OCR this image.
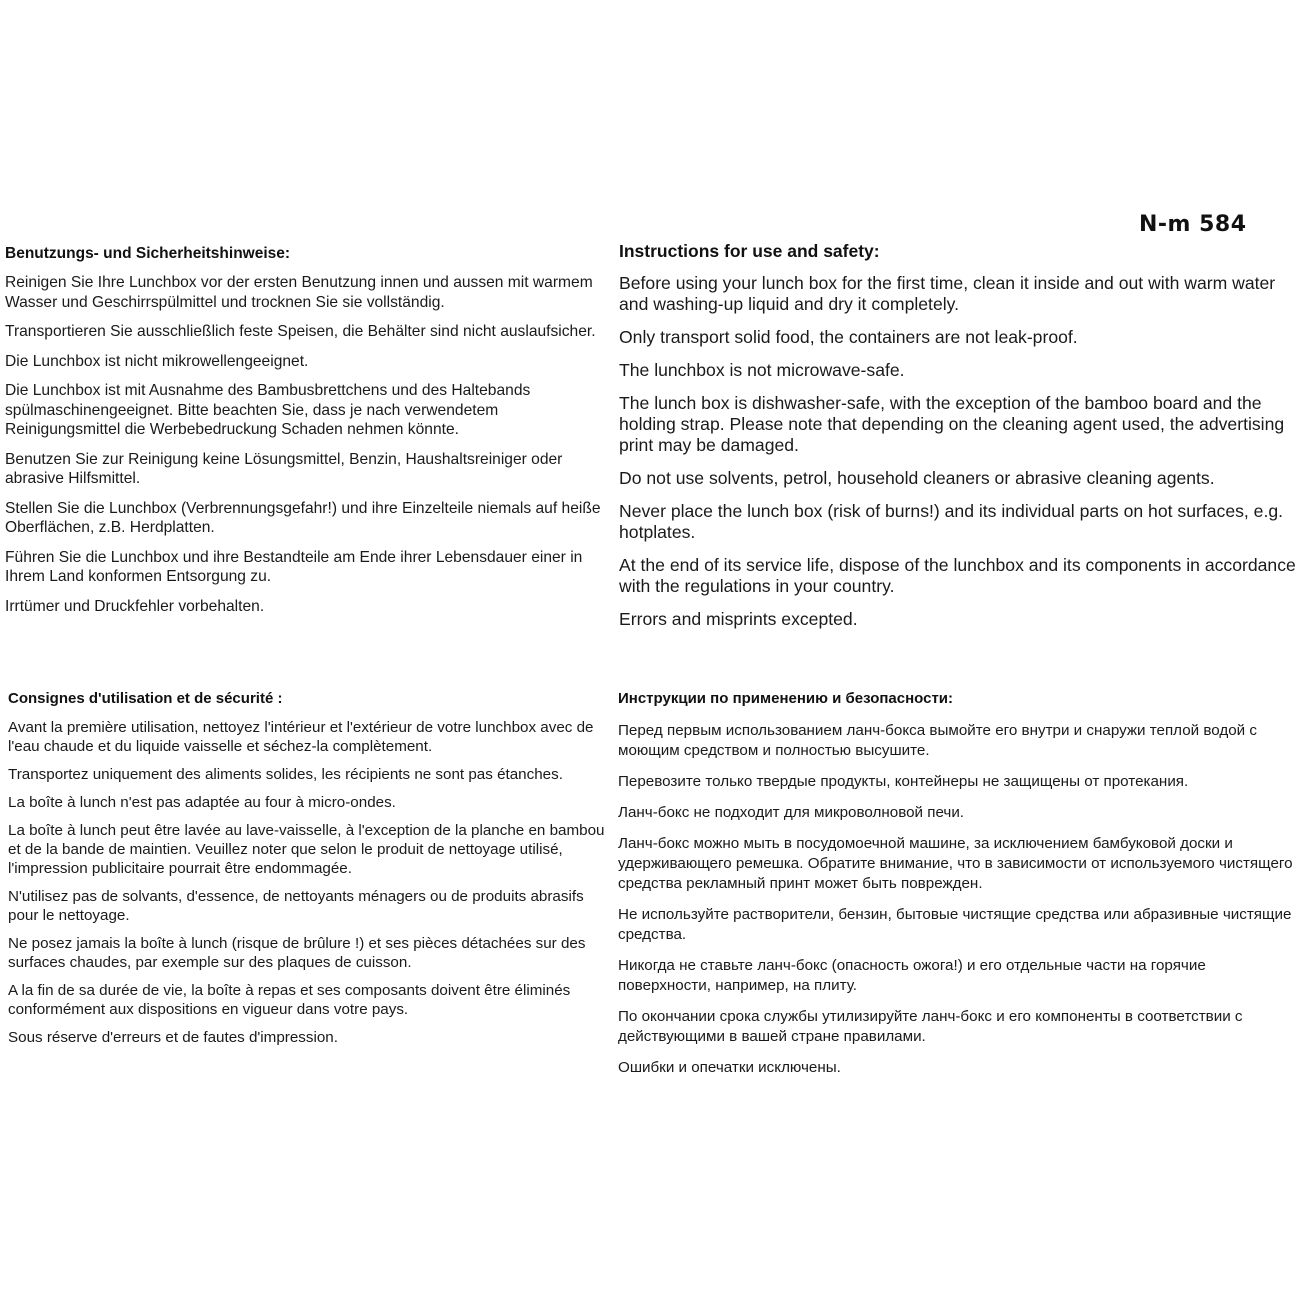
N-m 584
Benutzungs- und Sicherheitshinweise:

Reinigen Sie Ihre Lunchbox vor der ersten Benutzung innen und aussen mit warmem Wasser und Geschirrspülmittel und trocknen Sie sie vollständig.

Transportieren Sie ausschließlich feste Speisen, die Behälter sind nicht auslaufsicher.

Die Lunchbox ist nicht mikrowellengeeignet.

Die Lunchbox ist mit Ausnahme des Bambusbrettchens und des Haltebands spülmaschinengeeignet. Bitte beachten Sie, dass je nach verwendetem Reinigungsmittel die Werbebedruckung Schaden nehmen könnte.

Benutzen Sie zur Reinigung keine Lösungsmittel, Benzin, Haushaltsreiniger oder abrasive Hilfsmittel.

Stellen Sie die Lunchbox (Verbrennungsgefahr!) und ihre Einzelteile niemals auf heiße Oberflächen, z.B. Herdplatten.

Führen Sie die Lunchbox und ihre Bestandteile am Ende ihrer Lebensdauer einer in Ihrem Land konformen Entsorgung zu.

Irrtümer und Druckfehler vorbehalten.

Instructions for use and safety:

Before using your lunch box for the first time, clean it inside and out with warm water and washing-up liquid and dry it completely.

Only transport solid food, the containers are not leak-proof.

The lunchbox is not microwave-safe.

The lunch box is dishwasher-safe, with the exception of the bamboo board and the holding strap. Please note that depending on the cleaning agent used, the advertising print may be damaged.

Do not use solvents, petrol, household cleaners or abrasive cleaning agents.

Never place the lunch box (risk of burns!) and its individual parts on hot surfaces, e.g. hotplates.

At the end of its service life, dispose of the lunchbox and its components in accordance with the regulations in your country.

Errors and misprints excepted.

Consignes d'utilisation et de sécurité :

Avant la première utilisation, nettoyez l'intérieur et l'extérieur de votre lunchbox avec de l'eau chaude et du liquide vaisselle et séchez-la complètement.

Transportez uniquement des aliments solides, les récipients ne sont pas étanches.

La boîte à lunch n'est pas adaptée au four à micro-ondes.

La boîte à lunch peut être lavée au lave-vaisselle, à l'exception de la planche en bambou et de la bande de maintien. Veuillez noter que selon le produit de nettoyage utilisé, l'impression publicitaire pourrait être endommagée.

N'utilisez pas de solvants, d'essence, de nettoyants ménagers ou de produits abrasifs pour le nettoyage.

Ne posez jamais la boîte à lunch (risque de brûlure !) et ses pièces détachées sur des surfaces chaudes, par exemple sur des plaques de cuisson.

A la fin de sa durée de vie, la boîte à repas et ses composants doivent être éliminés conformément aux dispositions en vigueur dans votre pays.

Sous réserve d'erreurs et de fautes d'impression.

Инструкции по применению и безопасности:

Перед первым использованием ланч-бокса вымойте его внутри и снаружи теплой водой с моющим средством и полностью высушите.

Перевозите только твердые продукты, контейнеры не защищены от протекания.

Ланч-бокс не подходит для микроволновой печи.

Ланч-бокс можно мыть в посудомоечной машине, за исключением бамбуковой доски и удерживающего ремешка. Обратите внимание, что в зависимости от используемого чистящего средства рекламный принт может быть поврежден.

Не используйте растворители, бензин, бытовые чистящие средства или абразивные чистящие средства.

Никогда не ставьте ланч-бокс (опасность ожога!) и его отдельные части на горячие поверхности, например, на плиту.

По окончании срока службы утилизируйте ланч-бокс и его компоненты в соответствии с действующими в вашей стране правилами.

Ошибки и опечатки исключены.
